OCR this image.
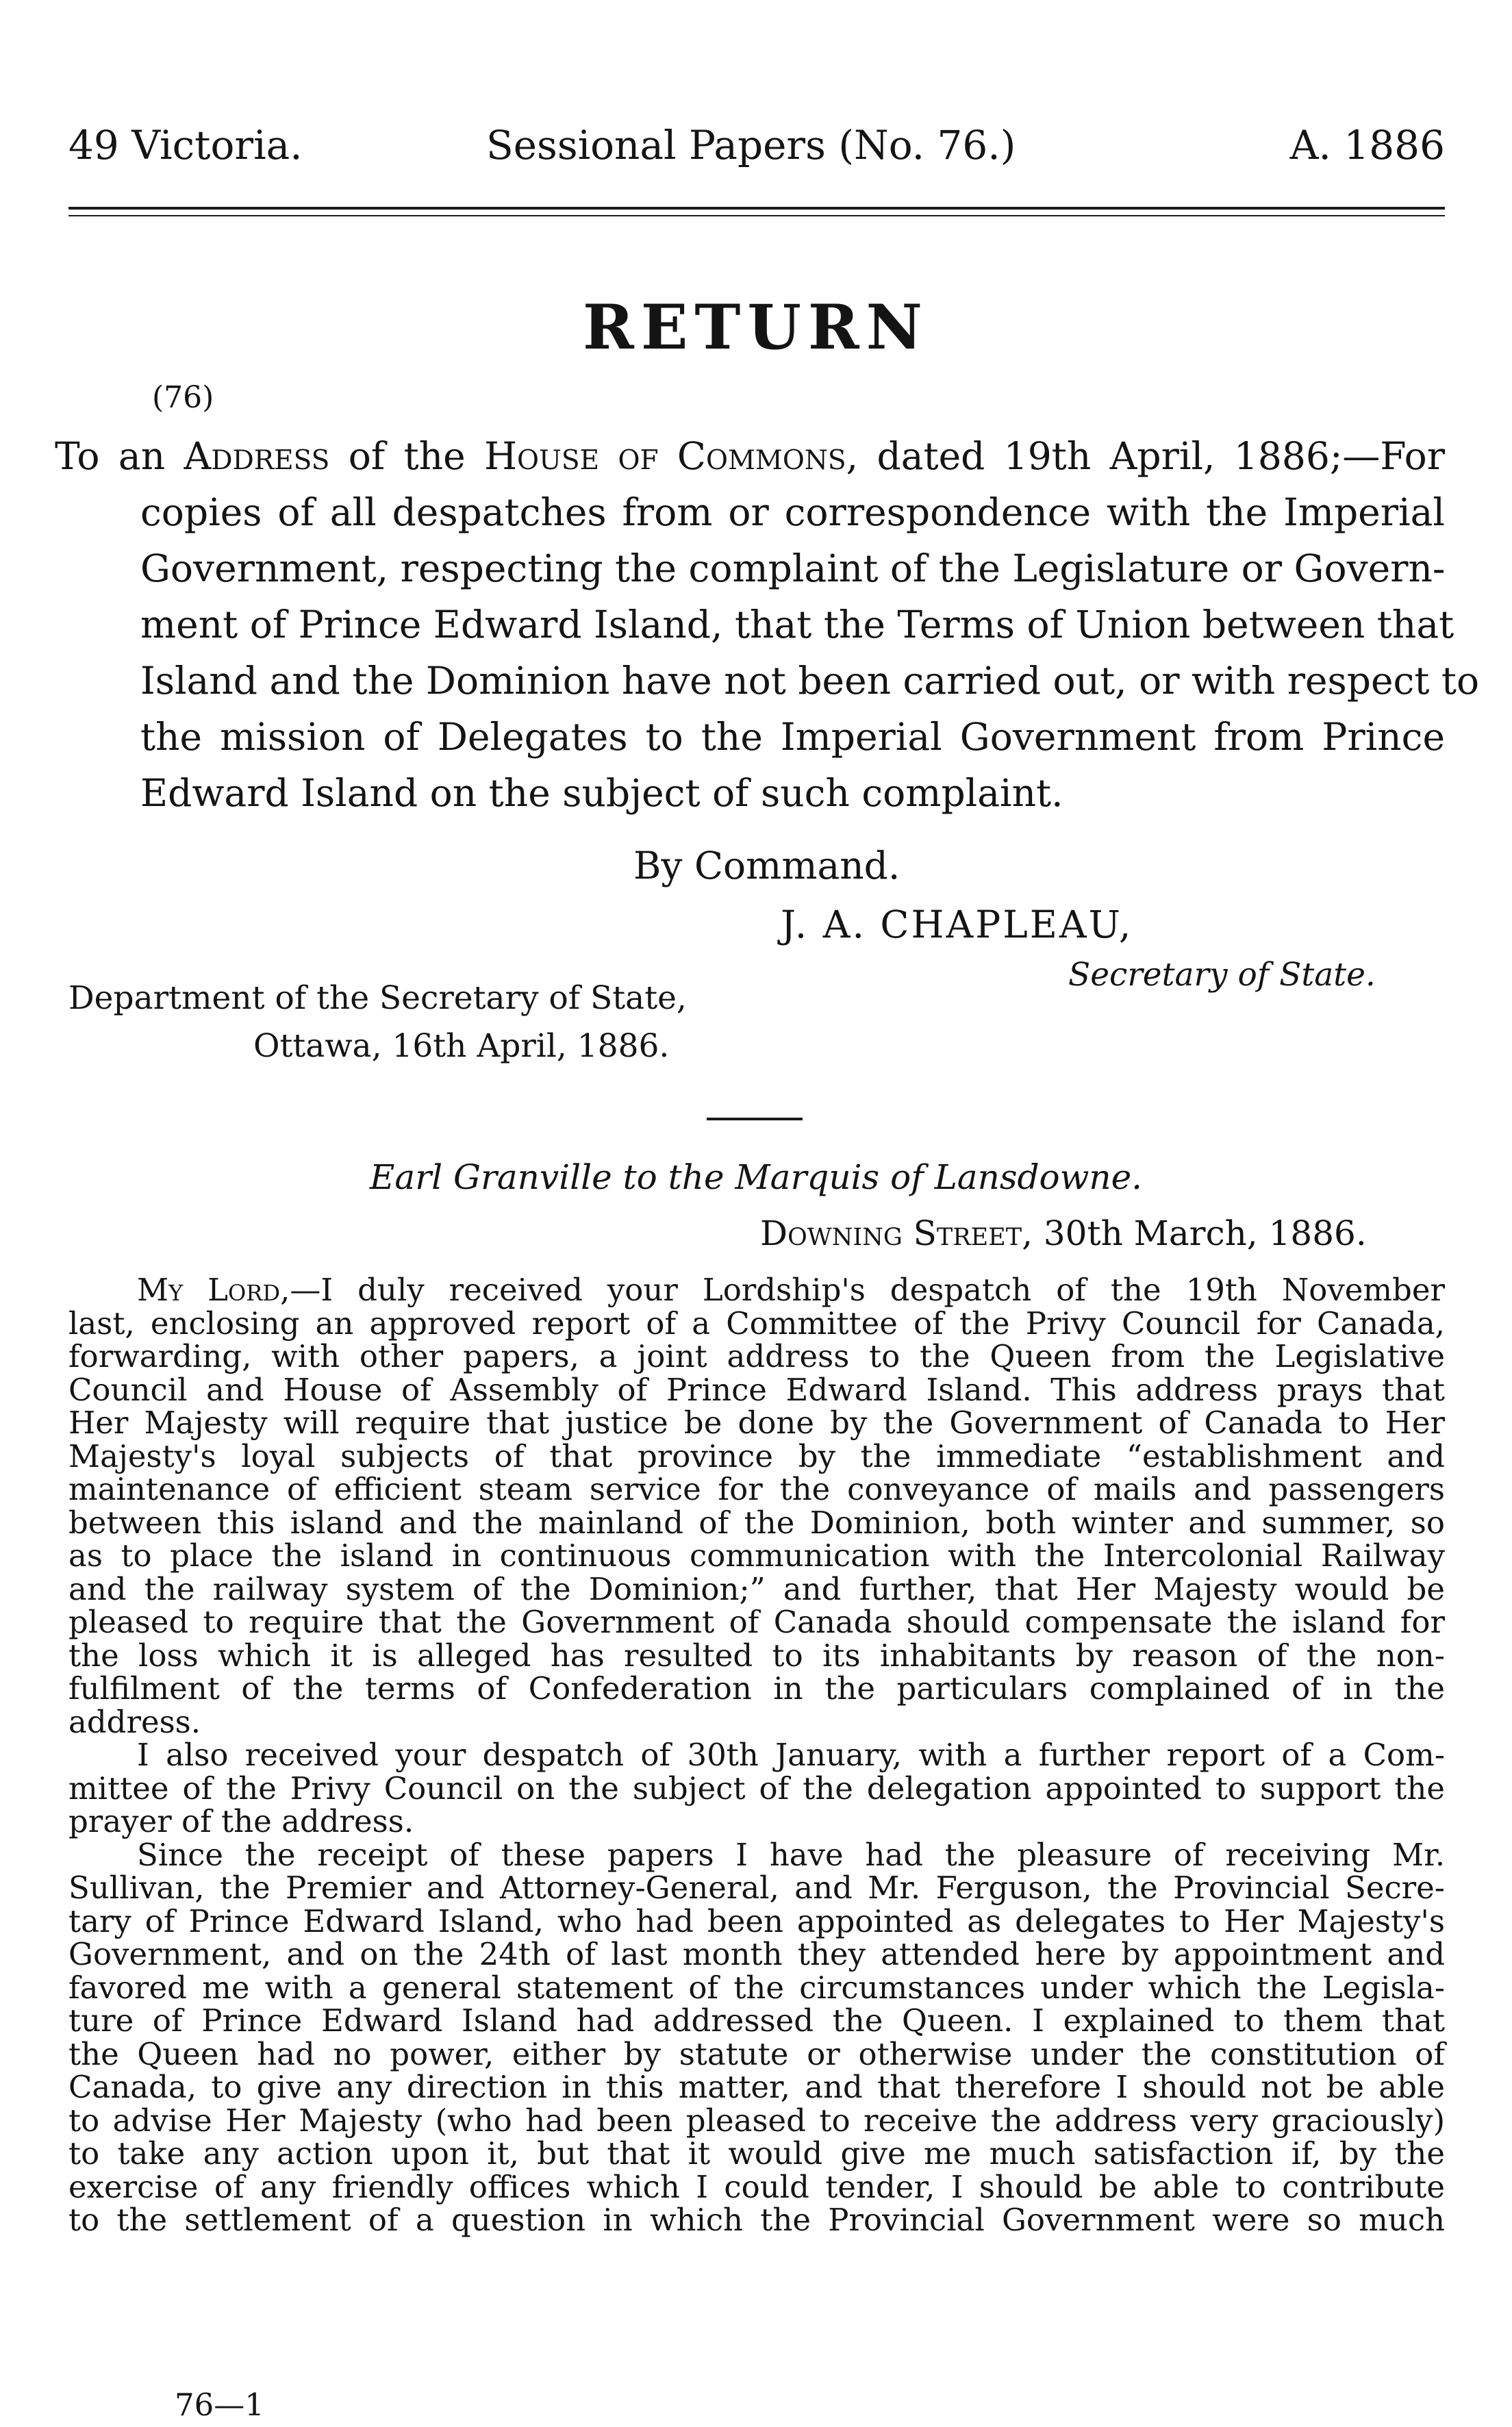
49 Victoria.	Sessional Papers (No. 76.)	A. 1886
RETURN
(76)
To an Address of the House of Commons, dated 19th April, 1886;—For
copies of all despatches from or correspondence with the Imperial
Government, respecting the complaint of the Legislature or Govern-
ment of Prince Edward Island, that the Terms of Union between that
Island and the Dominion have not been carried out, or with respect to
the mission of Delegates to the Imperial Government from Prince
Edward Island on the subject of such complaint.
By Command.
J. A. CHAPLEAU,
Secretary of State.
Department of the Secretary of State,
Ottawa, 16th April, 1886.
Earl Granville to the Marquis of Lansdowne.
Downing Street, 30th March, 1886.
My Lord,—I duly received your Lordship's despatch of the 19th November
last, enclosing an approved report of a Committee of the Privy Council for Canada,
forwarding, with other papers, a joint address to the Queen from the Legislative
Council and House of Assembly of Prince Edward Island. This address prays that
Her Majesty will require that justice be done by the Government of Canada to Her
Majesty's loyal subjects of that province by the immediate “establishment and
maintenance of efficient steam service for the conveyance of mails and passengers
between this island and the mainland of the Dominion, both winter and summer, so
as to place the island in continuous communication with the Intercolonial Railway
and the railway system of the Dominion;” and further, that Her Majesty would be
pleased to require that the Government of Canada should compensate the island for
the loss which it is alleged has resulted to its inhabitants by reason of the non-
fulfilment of the terms of Confederation in the particulars complained of in the
address.
I also received your despatch of 30th January, with a further report of a Com-
mittee of the Privy Council on the subject of the delegation appointed to support the
prayer of the address.
Since the receipt of these papers I have had the pleasure of receiving Mr.
Sullivan, the Premier and Attorney-General, and Mr. Ferguson, the Provincial Secre-
tary of Prince Edward Island, who had been appointed as delegates to Her Majesty's
Government, and on the 24th of last month they attended here by appointment and
favored me with a general statement of the circumstances under which the Legisla-
ture of Prince Edward Island had addressed the Queen. I explained to them that
the Queen had no power, either by statute or otherwise under the constitution of
Canada, to give any direction in this matter, and that therefore I should not be able
to advise Her Majesty (who had been pleased to receive the address very graciously)
to take any action upon it, but that it would give me much satisfaction if, by the
exercise of any friendly offices which I could tender, I should be able to contribute
to the settlement of a question in which the Provincial Government were so much
76—1
